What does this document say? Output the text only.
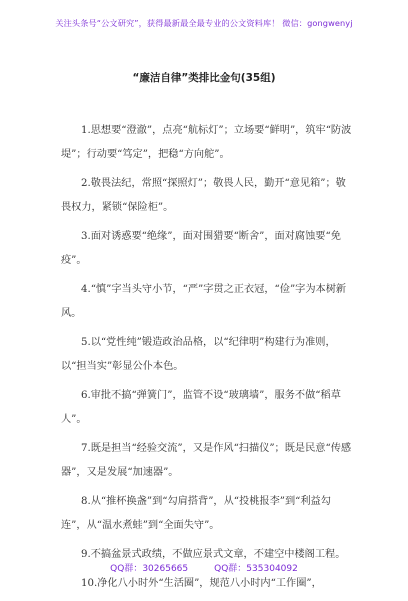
关注头条号“公文研究”，获得最新最全最专业的公文资料库！ 微信：gongwenyj
“廉洁自律”类排比金句(35组)

1.思想要“澄澈”，点亮“航标灯”；立场要“鲜明”，筑牢“防波堤”；行动要“笃定”，把稳“方向舵”。

2.敬畏法纪，常照“探照灯”；敬畏人民，勤开“意见箱”；敬畏权力，紧锁“保险柜”。

3.面对诱惑要“绝缘”，面对围猎要“断舍”，面对腐蚀要“免疫”。

4.“慎”字当头守小节，“严”字贯之正衣冠，“俭”字为本树新风。

5.以“党性纯”锻造政治品格，以“纪律明”构建行为准则，以“担当实”彰显公仆本色。

6.审批不搞“弹簧门”，监管不设“玻璃墙”，服务不做“稻草人”。

7.既是担当“经验交流”，又是作风“扫描仪”；既是民意“传感器”，又是发展“加速器”。

8.从“推杯换盏”到“勾肩搭背”，从“投桃报李”到“利益勾连”，从“温水煮蛙”到“全面失守”。

9.不搞盆景式政绩，不做应景式文章，不建空中楼阁工程。

10.净化八小时外“生活圈”，规范八小时内“工作圈”，

QQ群：30265665	QQ群：535304092
